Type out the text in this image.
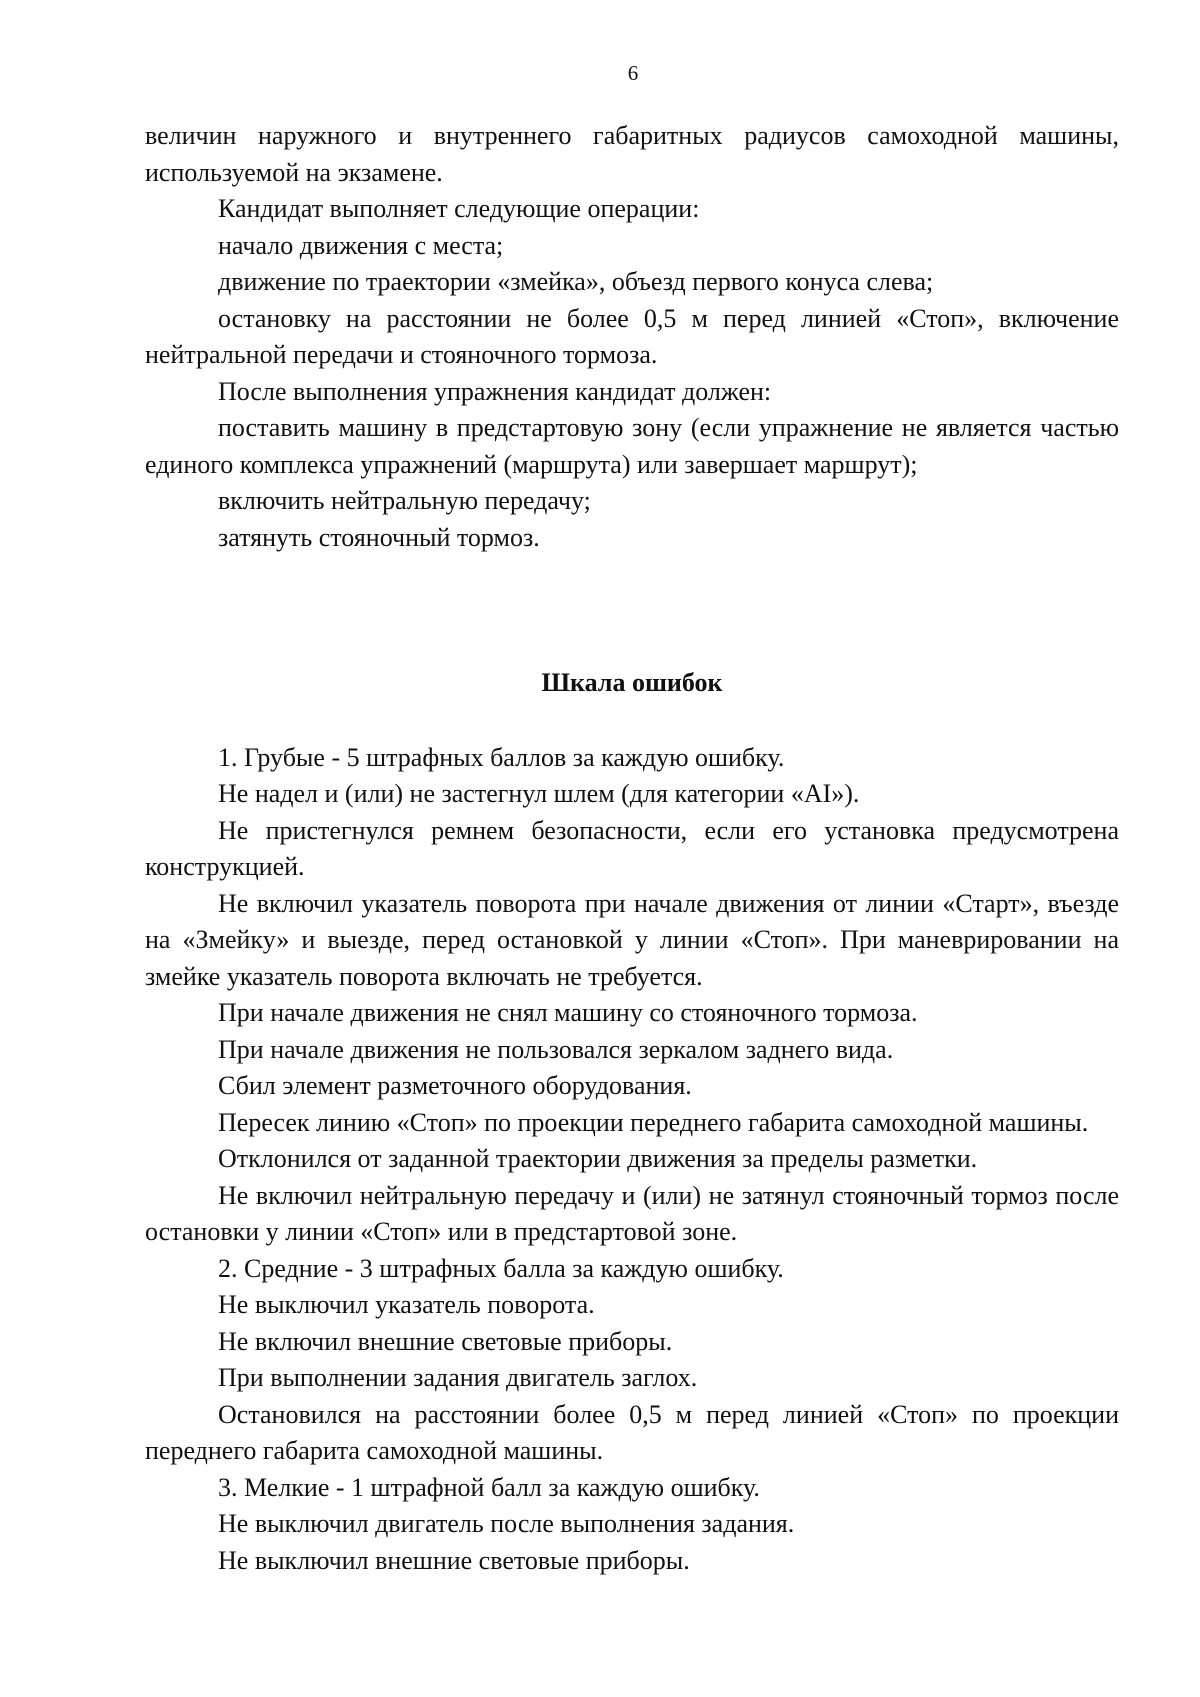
6

величин наружного и внутреннего габаритных радиусов самоходной машины, используемой на экзамене.

Кандидат выполняет следующие операции:

начало движения с места;

движение по траектории «змейка», объезд первого конуса слева;

остановку на расстоянии не более 0,5 м перед линией «Стоп», включение нейтральной передачи и стояночного тормоза.

После выполнения упражнения кандидат должен:

поставить машину в предстартовую зону (если упражнение не является частью единого комплекса упражнений (маршрута) или завершает маршрут);

включить нейтральную передачу;

затянуть стояночный тормоз.

Шкала ошибок

1. Грубые - 5 штрафных баллов за каждую ошибку.

Не надел и (или) не застегнул шлем (для категории «AI»).

Не пристегнулся ремнем безопасности, если его установка предусмотрена конструкцией.

Не включил указатель поворота при начале движения от линии «Старт», въезде на «Змейку» и выезде, перед остановкой у линии «Стоп». При маневрировании на змейке указатель поворота включать не требуется.

При начале движения не снял машину со стояночного тормоза.

При начале движения не пользовался зеркалом заднего вида.

Сбил элемент разметочного оборудования.

Пересек линию «Стоп» по проекции переднего габарита самоходной машины.

Отклонился от заданной траектории движения за пределы разметки.

Не включил нейтральную передачу и (или) не затянул стояночный тормоз после остановки у линии «Стоп» или в предстартовой зоне.

2. Средние - 3 штрафных балла за каждую ошибку.

Не выключил указатель поворота.

Не включил внешние световые приборы.

При выполнении задания двигатель заглох.

Остановился на расстоянии более 0,5 м перед линией «Стоп» по проекции переднего габарита самоходной машины.

3. Мелкие - 1 штрафной балл за каждую ошибку.

Не выключил двигатель после выполнения задания.

Не выключил внешние световые приборы.
